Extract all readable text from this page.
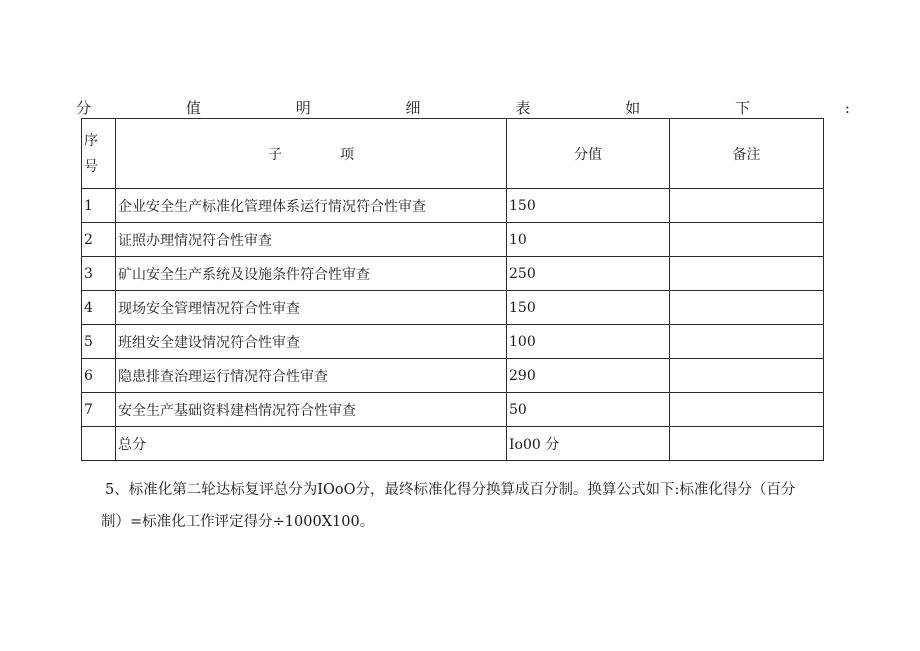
分	值	明	细	表	如	下	:
序
号	子 项	分值	备注
1	企业安全生产标准化管理体系运行情况符合性审查	150	
2	证照办理情况符合性审查	10	
3	矿山安全生产系统及设施条件符合性审查	250	
4	现场安全管理情况符合性审查	150	
5	班组安全建设情况符合性审查	100	
6	隐患排查治理运行情况符合性审查	290	
7	安全生产基础资料建档情况符合性审查	50	
	总分	Io00 分	
5、标准化第二轮达标复评总分为IOoO分，最终标准化得分换算成百分制。换算公式如下:标准化得分（百分
制）=标准化工作评定得分÷1000X100。
